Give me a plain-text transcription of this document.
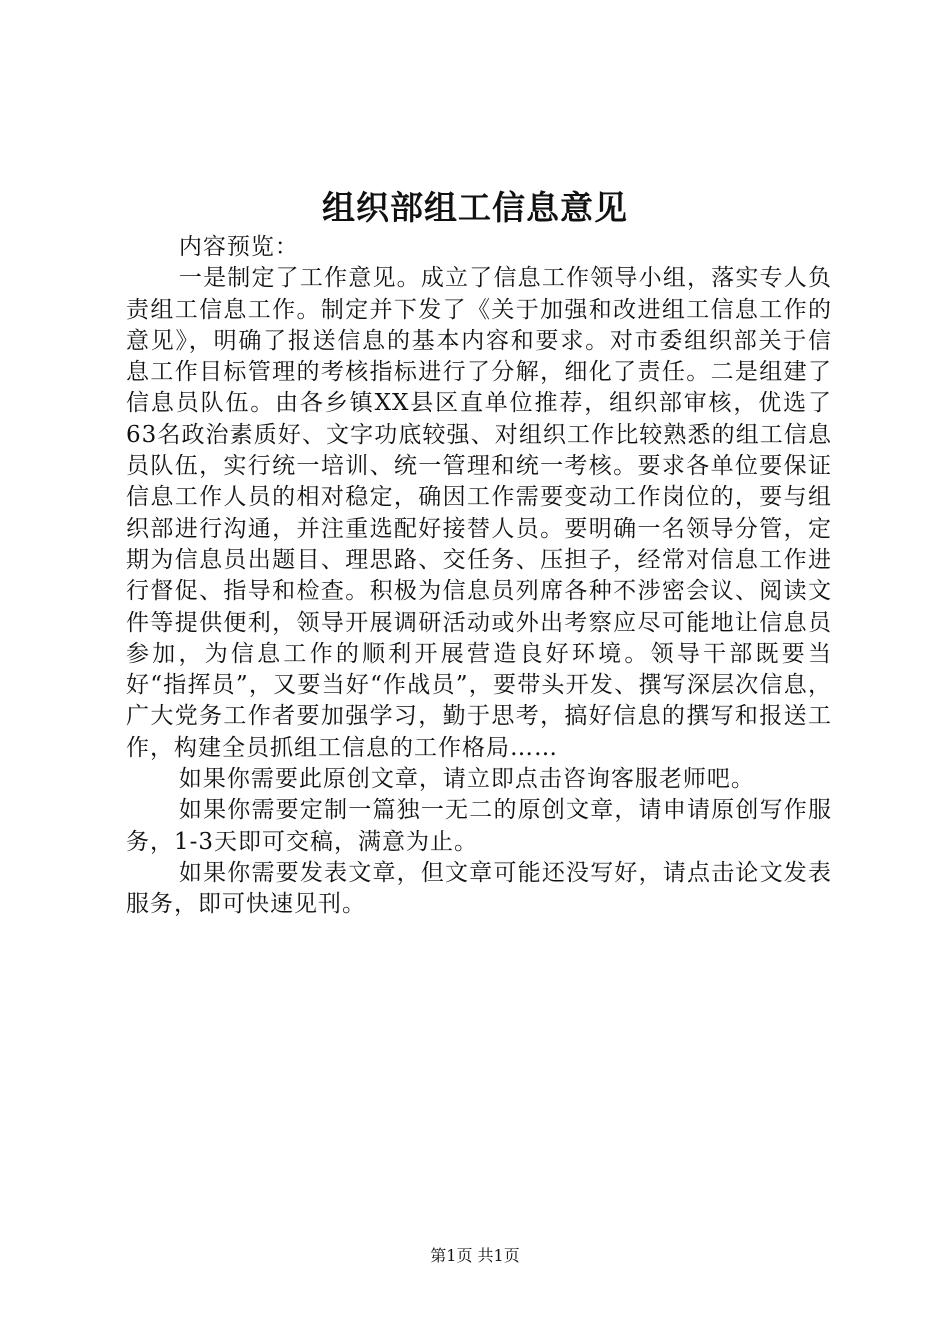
组织部组工信息意见

内容预览：

一是制定了工作意见。成立了信息工作领导小组，落实专人负责组工信息工作。制定并下发了《关于加强和改进组工信息工作的意见》，明确了报送信息的基本内容和要求。对市委组织部关于信息工作目标管理的考核指标进行了分解，细化了责任。二是组建了信息员队伍。由各乡镇XX县区直单位推荐，组织部审核，优选了63名政治素质好、文字功底较强、对组织工作比较熟悉的组工信息员队伍，实行统一培训、统一管理和统一考核。要求各单位要保证信息工作人员的相对稳定，确因工作需要变动工作岗位的，要与组织部进行沟通，并注重选配好接替人员。要明确一名领导分管，定期为信息员出题目、理思路、交任务、压担子，经常对信息工作进行督促、指导和检查。积极为信息员列席各种不涉密会议、阅读文件等提供便利，领导开展调研活动或外出考察应尽可能地让信息员参加，为信息工作的顺利开展营造良好环境。领导干部既要当好“指挥员”，又要当好“作战员”，要带头开发、撰写深层次信息，广大党务工作者要加强学习，勤于思考，搞好信息的撰写和报送工作，构建全员抓组工信息的工作格局……

如果你需要此原创文章，请立即点击咨询客服老师吧。

如果你需要定制一篇独一无二的原创文章，请申请原创写作服务，1-3天即可交稿，满意为止。

如果你需要发表文章，但文章可能还没写好，请点击论文发表服务，即可快速见刊。

第1页 共1页
